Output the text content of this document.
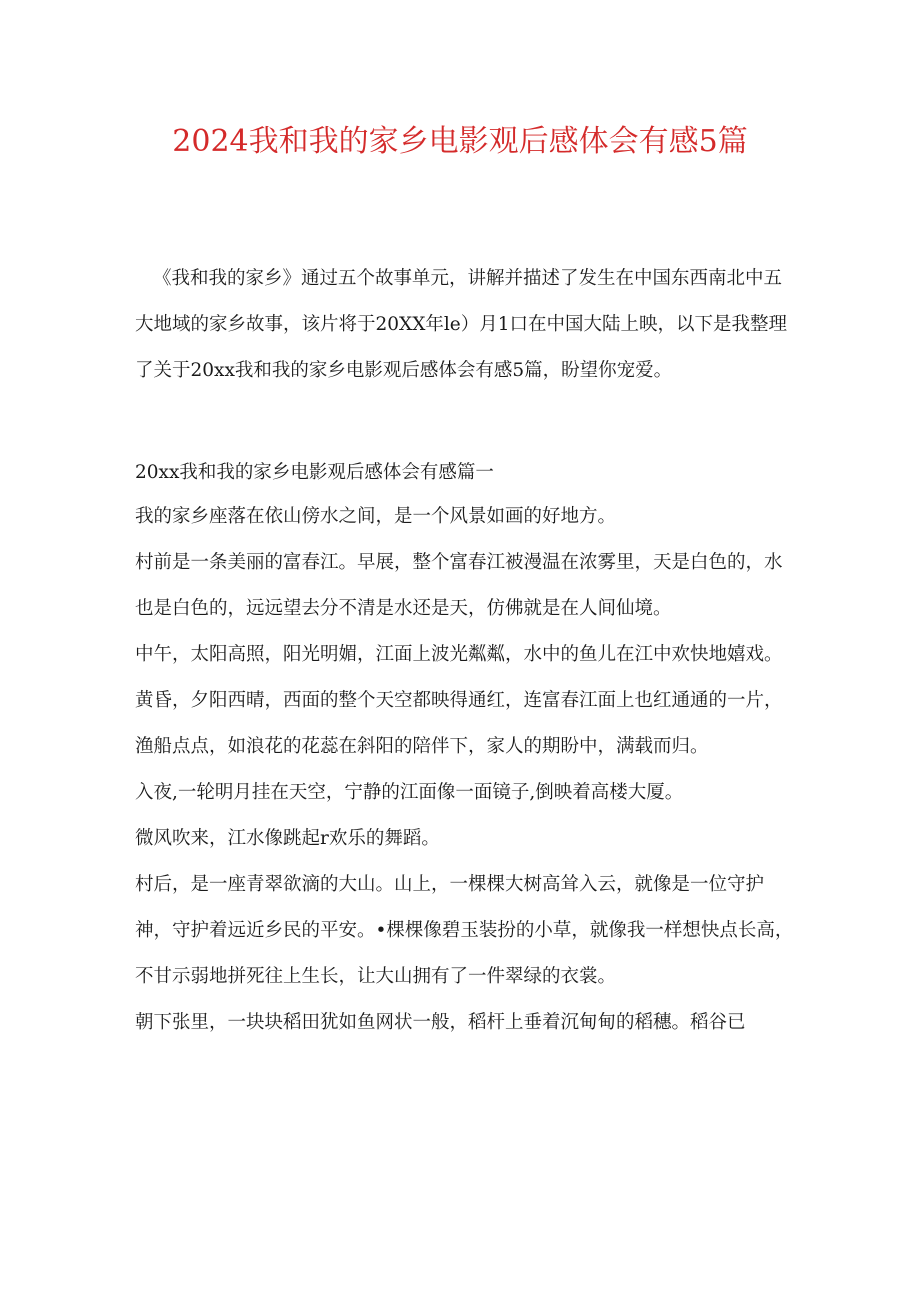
2024我和我的家乡电影观后感体会有感5篇

《我和我的家乡》通过五个故事单元，讲解并描述了发生在中国东西南北中五大地域的家乡故事，该片将于20XX年le）月1口在中国大陆上映，以下是我整理了关于20xx我和我的家乡电影观后感体会有感5篇，盼望你宠爱。

20xx我和我的家乡电影观后感体会有感篇一

我的家乡座落在依山傍水之间，是一个风景如画的好地方。

村前是一条美丽的富春江。早展，整个富春江被漫温在浓雾里，天是白色的，水也是白色的，远远望去分不清是水还是天，仿佛就是在人间仙境。

中午，太阳高照，阳光明媚，江面上波光粼粼，水中的鱼儿在江中欢快地嬉戏。

黄昏，夕阳西晴，西面的整个天空都映得通红，连富春江面上也红通通的一片，渔船点点，如浪花的花蕊在斜阳的陪伴下，家人的期盼中，满载而归。

入夜,一轮明月挂在天空，宁静的江面像一面镜子,倒映着高楼大厦。

微风吹来，江水像跳起r欢乐的舞蹈。

村后，是一座青翠欲滴的大山。山上，一棵棵大树高耸入云，就像是一位守护神，守护着远近乡民的平安。•棵棵像碧玉装扮的小草，就像我一样想快点长高，不甘示弱地拼死往上生长，让大山拥有了一件翠绿的衣裳。

朝下张里，一块块稻田犹如鱼网状一般，稻杆上垂着沉甸甸的稻穗。稻谷已
